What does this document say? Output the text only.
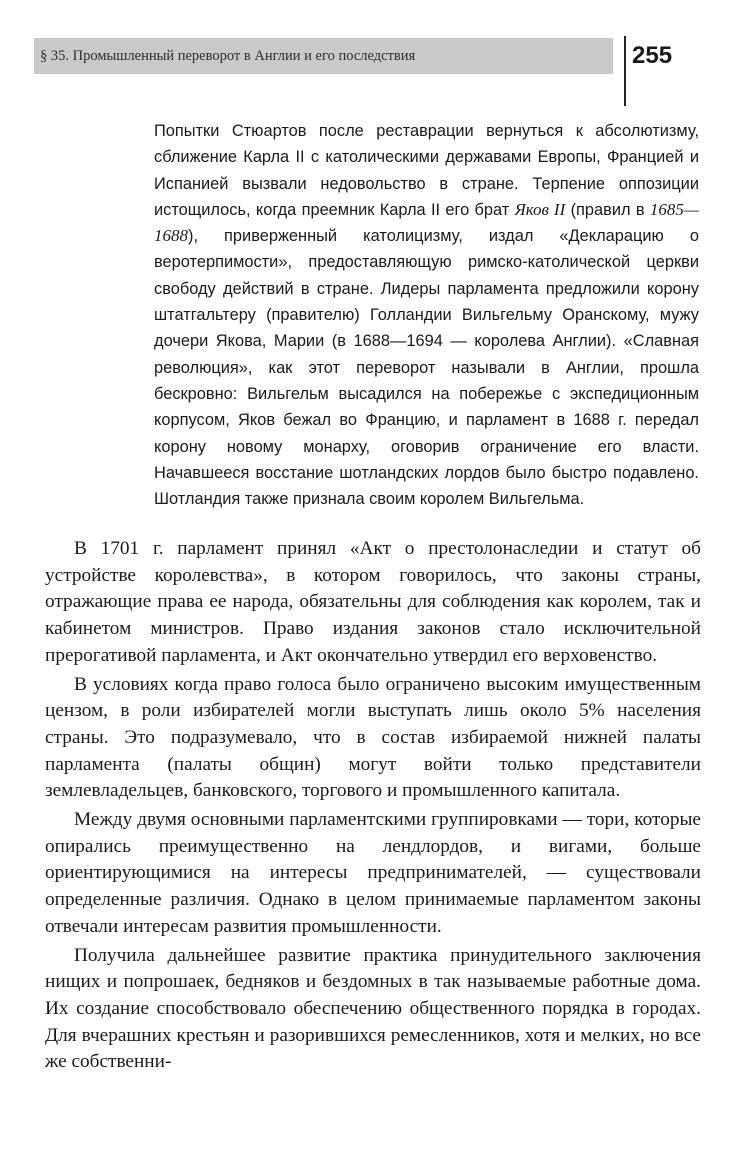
§ 35. Промышленный переворот в Англии и его последствия	255

Попытки Стюартов после реставрации вернуться к абсолютизму, сближение Карла II с католическими державами Европы, Францией и Испанией вызвали недовольство в стране. Терпение оппозиции истощилось, когда преемник Карла II его брат Яков II (правил в 1685—1688), приверженный католицизму, издал «Декларацию о веротерпимости», предоставляющую римско-католической церкви свободу действий в стране. Лидеры парламента предложили корону штатгальтеру (правителю) Голландии Вильгельму Оранскому, мужу дочери Якова, Марии (в 1688—1694 — королева Англии). «Славная революция», как этот переворот называли в Англии, прошла бескровно: Вильгельм высадился на побережье с экспедиционным корпусом, Яков бежал во Францию, и парламент в 1688 г. передал корону новому монарху, оговорив ограничение его власти. Начавшееся восстание шотландских лордов было быстро подавлено. Шотландия также признала своим королем Вильгельма.

В 1701 г. парламент принял «Акт о престолонаследии и статут об устройстве королевства», в котором говорилось, что законы страны, отражающие права ее народа, обязательны для соблюдения как королем, так и кабинетом министров. Право издания законов стало исключительной прерогативой парламента, и Акт окончательно утвердил его верховенство.

В условиях когда право голоса было ограничено высоким имущественным цензом, в роли избирателей могли выступать лишь около 5% населения страны. Это подразумевало, что в состав избираемой нижней палаты парламента (палаты общин) могут войти только представители землевладельцев, банковского, торгового и промышленного капитала.

Между двумя основными парламентскими группировками — тори, которые опирались преимущественно на лендлордов, и вигами, больше ориентирующимися на интересы предпринимателей, — существовали определенные различия. Однако в целом принимаемые парламентом законы отвечали интересам развития промышленности.

Получила дальнейшее развитие практика принудительного заключения нищих и попрошаек, бедняков и бездомных в так называемые работные дома. Их создание способствовало обеспечению общественного порядка в городах. Для вчерашних крестьян и разорившихся ремесленников, хотя и мелких, но все же собственни-
